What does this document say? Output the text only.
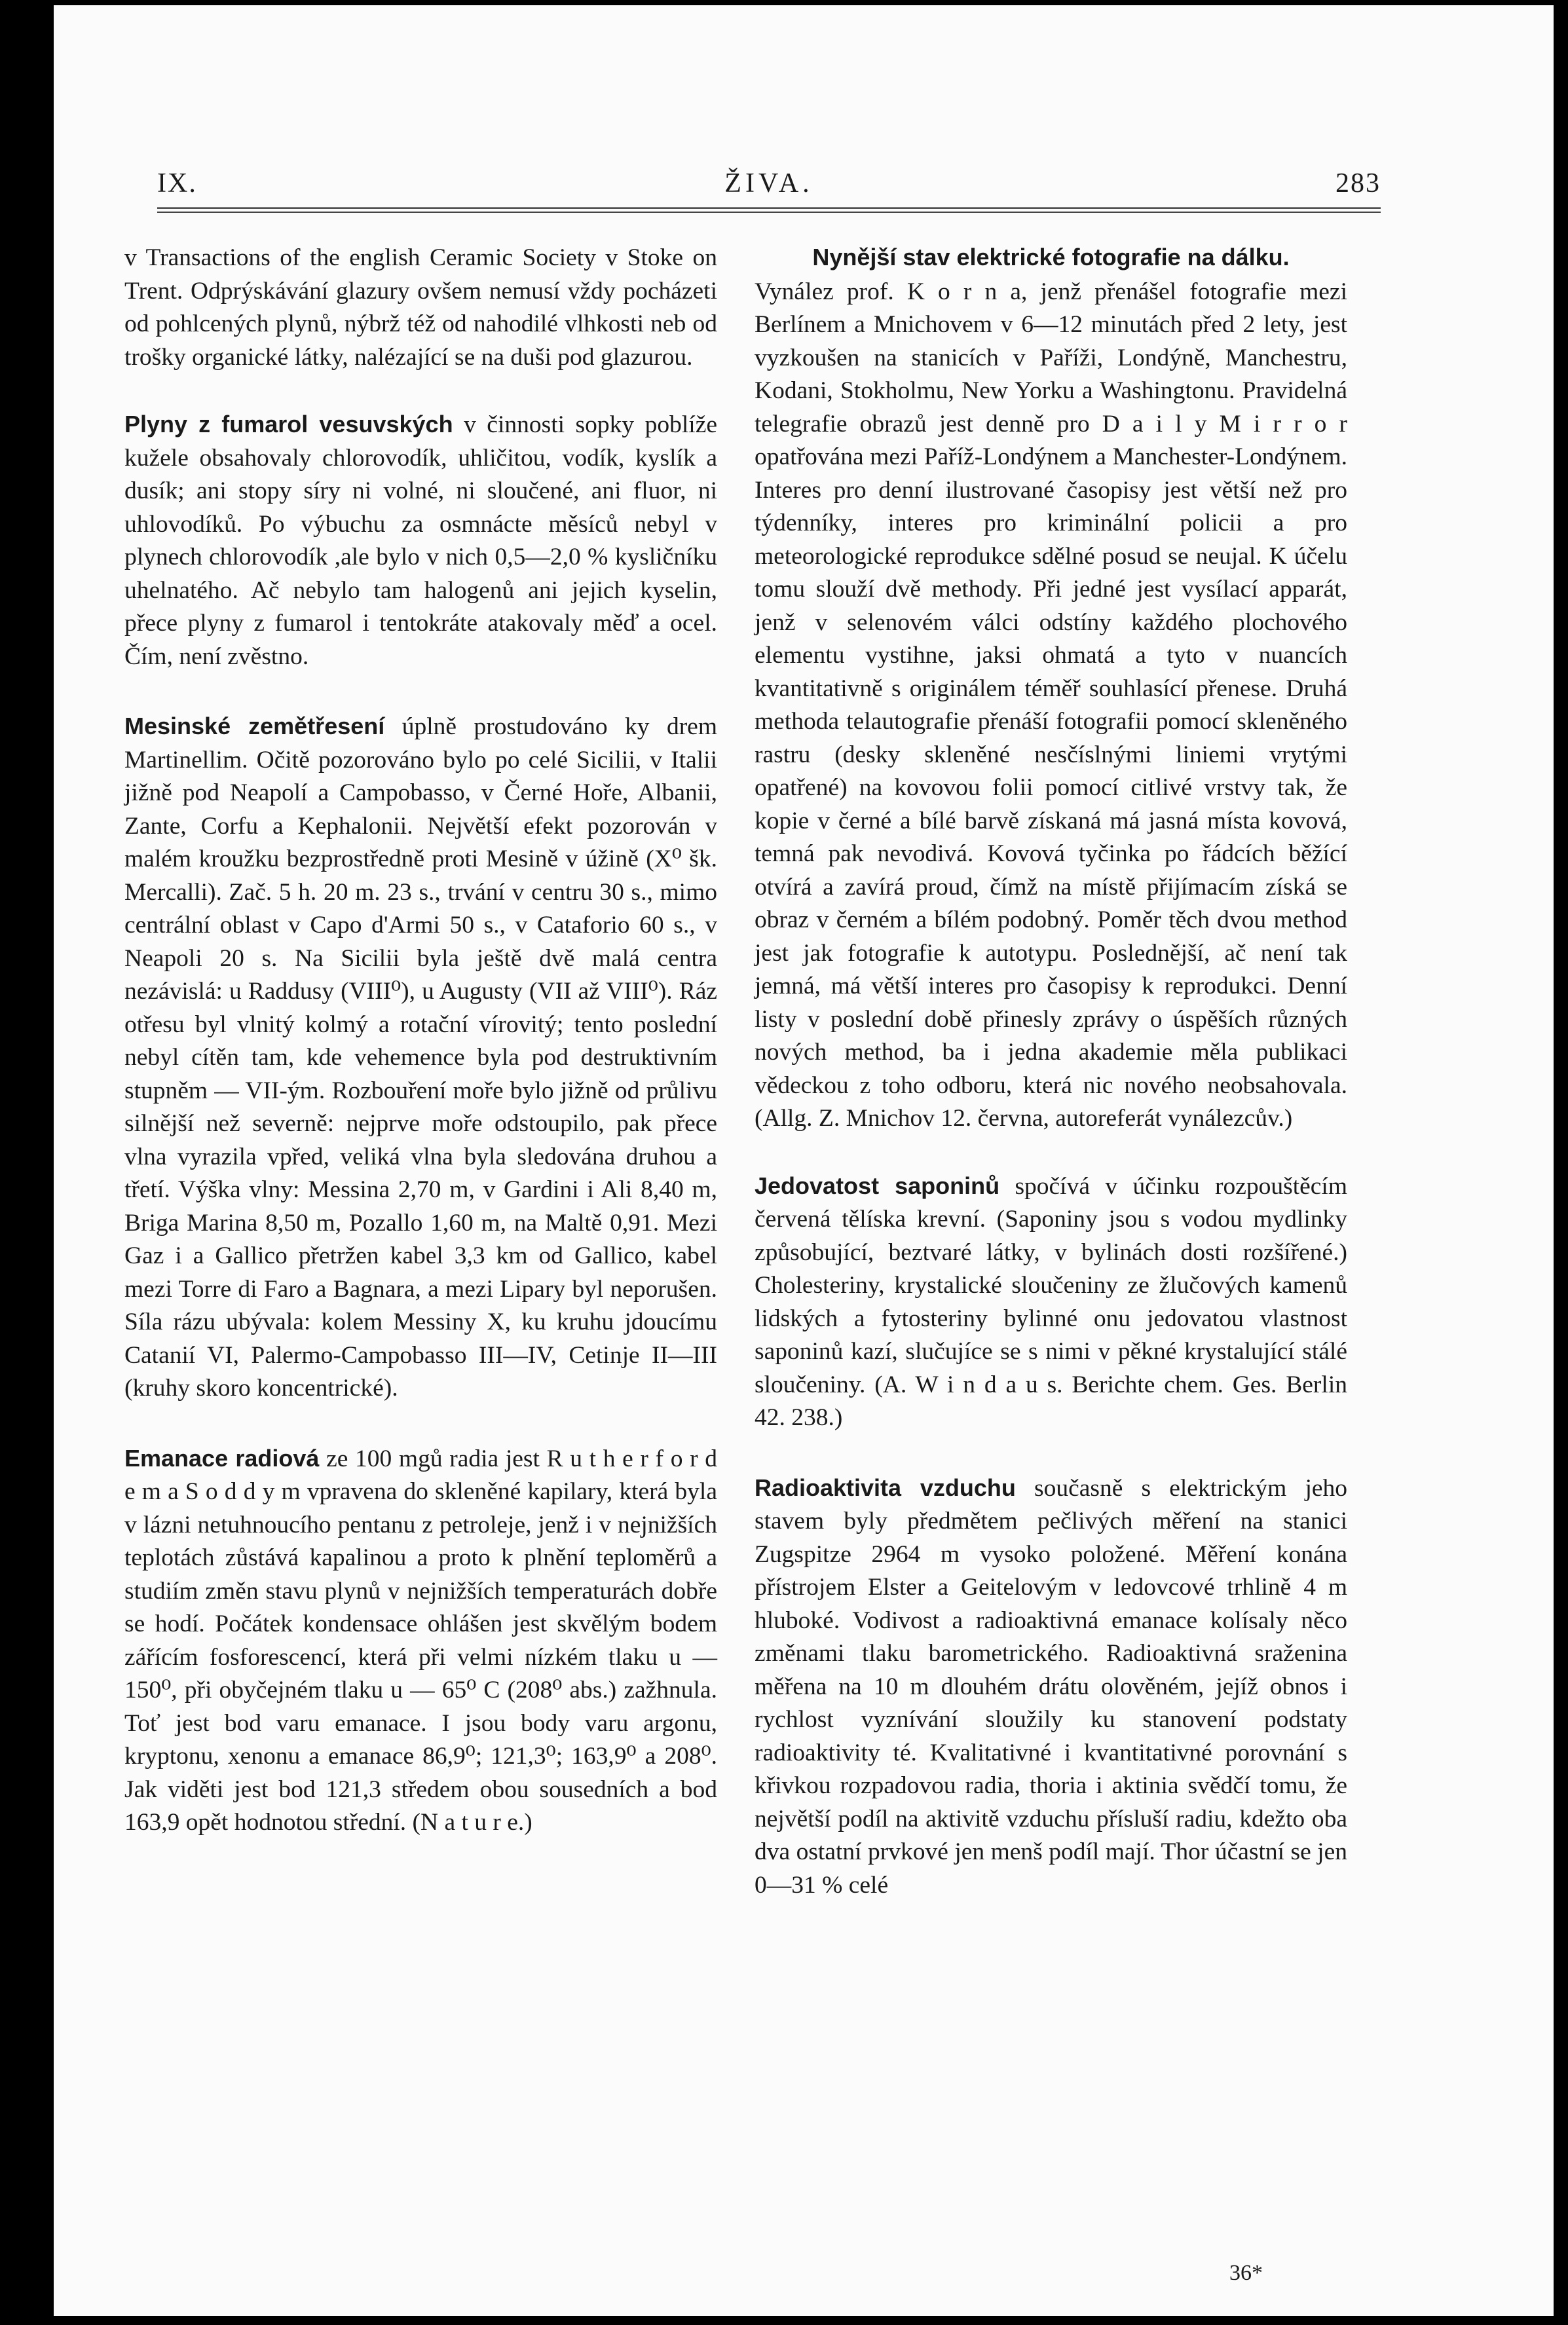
IX.	ŽIVA.	283

v Transactions of the english Ceramic Society v Stoke on Trent. Odprýskávání glazury ovšem nemusí vždy pocházeti od pohlcených plynů, nýbrž též od nahodilé vlhkosti neb od trošky organické látky, nalézající se na duši pod glazurou.

Plyny z fumarol vesuvských v činnosti sopky poblíže kužele obsahovaly chlorovodík, uhličitou, vodík, kyslík a dusík; ani stopy síry ni volné, ni sloučené, ani fluor, ni uhlovodíků. Po výbuchu za osmnácte měsíců nebyl v plynech chlorovodík ,ale bylo v nich 0,5—2,0 % kysličníku uhelnatého. Ač nebylo tam halogenů ani jejich kyselin, přece plyny z fumarol i tentokráte atakovaly měď a ocel. Čím, není zvěstno.

Mesinské zemětřesení úplně prostudováno ky drem Martinellim. Očitě pozorováno bylo po celé Sicilii, v Italii jižně pod Neapolí a Campobasso, v Černé Hoře, Albanii, Zante, Corfu a Kephalonii. Největší efekt pozorován v malém kroužku bezprostředně proti Mesině v úžině (X⁰ šk. Mercalli). Zač. 5 h. 20 m. 23 s., trvání v centru 30 s., mimo centrální oblast v Capo d'Armi 50 s., v Cataforio 60 s., v Neapoli 20 s. Na Sicilii byla ještě dvě malá centra nezávislá: u Raddusy (VIII⁰), u Augusty (VII až VIII⁰). Ráz otřesu byl vlnitý kolmý a rotační vírovitý; tento poslední nebyl cítěn tam, kde vehemence byla pod destruktivním stupněm — VII-ým. Rozbouření moře bylo jižně od průlivu silnější než severně: nejprve moře odstoupilo, pak přece vlna vyrazila vpřed, veliká vlna byla sledována druhou a třetí. Výška vlny: Messina 2,70 m, v Gardini i Ali 8,40 m, Briga Marina 8,50 m, Pozallo 1,60 m, na Maltě 0,91. Mezi Gaz i a Gallico přetržen kabel 3,3 km od Gallico, kabel mezi Torre di Faro a Bagnara, a mezi Lipary byl neporušen. Síla rázu ubývala: kolem Messiny X, ku kruhu jdoucímu Catanií VI, Palermo-Campobasso III—IV, Cetinje II—III (kruhy skoro koncentrické).

Emanace radiová ze 100 mgů radia jest R u t h e r f o r d e m a S o d d y m vpravena do skleněné kapilary, která byla v lázni netuhnoucího pentanu z petroleje, jenž i v nejnižších teplotách zůstává kapalinou a proto k plnění teploměrů a studiím změn stavu plynů v nejnižších temperaturách dobře se hodí. Počátek kondensace ohlášen jest skvělým bodem zářícím fosforescencí, která při velmi nízkém tlaku u — 150⁰, při obyčejném tlaku u — 65⁰ C (208⁰ abs.) zažhnula. Toť jest bod varu emanace. I jsou body varu argonu, kryptonu, xenonu a emanace 86,9⁰; 121,3⁰; 163,9⁰ a 208⁰. Jak viděti jest bod 121,3 středem obou sousedních a bod 163,9 opět hodnotou střední. (N a t u r e.)

Nynější stav elektrické fotografie na dálku.
Vynález prof. K o r n a, jenž přenášel fotografie mezi Berlínem a Mnichovem v 6—12 minutách před 2 lety, jest vyzkoušen na stanicích v Paříži, Londýně, Manchestru, Kodani, Stokholmu, New Yorku a Washingtonu. Pravidelná telegrafie obrazů jest denně pro D a i l y M i r r o r opatřována mezi Paříž-Londýnem a Manchester-Londýnem. Interes pro denní ilustrované časopisy jest větší než pro týdenníky, interes pro kriminální policii a pro meteorologické reprodukce sdělné posud se neujal. K účelu tomu slouží dvě methody. Při jedné jest vysílací apparát, jenž v selenovém válci odstíny každého plochového elementu vystihne, jaksi ohmatá a tyto v nuancích kvantitativně s originálem téměř souhlasící přenese. Druhá methoda telautografie přenáší fotografii pomocí skleněného rastru (desky skleněné nesčíslnými liniemi vrytými opatřené) na kovovou folii pomocí citlivé vrstvy tak, že kopie v černé a bílé barvě získaná má jasná místa kovová, temná pak nevodivá. Kovová tyčinka po řádcích běžící otvírá a zavírá proud, čímž na místě přijímacím získá se obraz v černém a bílém podobný. Poměr těch dvou method jest jak fotografie k autotypu. Poslednější, ač není tak jemná, má větší interes pro časopisy k reprodukci. Denní listy v poslední době přinesly zprávy o úspěších různých nových method, ba i jedna akademie měla publikaci vědeckou z toho odboru, která nic nového neobsahovala. (Allg. Z. Mnichov 12. června, autoreferát vynálezcův.)

Jedovatost saponinů spočívá v účinku rozpouštěcím červená tělíska krevní. (Saponiny jsou s vodou mydlinky způsobující, beztvaré látky, v bylinách dosti rozšířené.) Cholesteriny, krystalické sloučeniny ze žlučových kamenů lidských a fytosteriny bylinné onu jedovatou vlastnost saponinů kazí, slučujíce se s nimi v pěkné krystalující stálé sloučeniny. (A. W i n d a u s. Berichte chem. Ges. Berlin 42. 238.)

Radioaktivita vzduchu současně s elektrickým jeho stavem byly předmětem pečlivých měření na stanici Zugspitze 2964 m vysoko položené. Měření konána přístrojem Elster a Geitelovým v ledovcové trhlině 4 m hluboké. Vodivost a radioaktivná emanace kolísaly něco změnami tlaku barometrického. Radioaktivná sraženina měřena na 10 m dlouhém drátu olověném, jejíž obnos i rychlost vyznívání sloužily ku stanovení podstaty radioaktivity té. Kvalitativné i kvantitativné porovnání s křivkou rozpadovou radia, thoria i aktinia svědčí tomu, že největší podíl na aktivitě vzduchu přísluší radiu, kdežto oba dva ostatní prvkové jen menš podíl mají. Thor účastní se jen 0—31 % celé

36*
